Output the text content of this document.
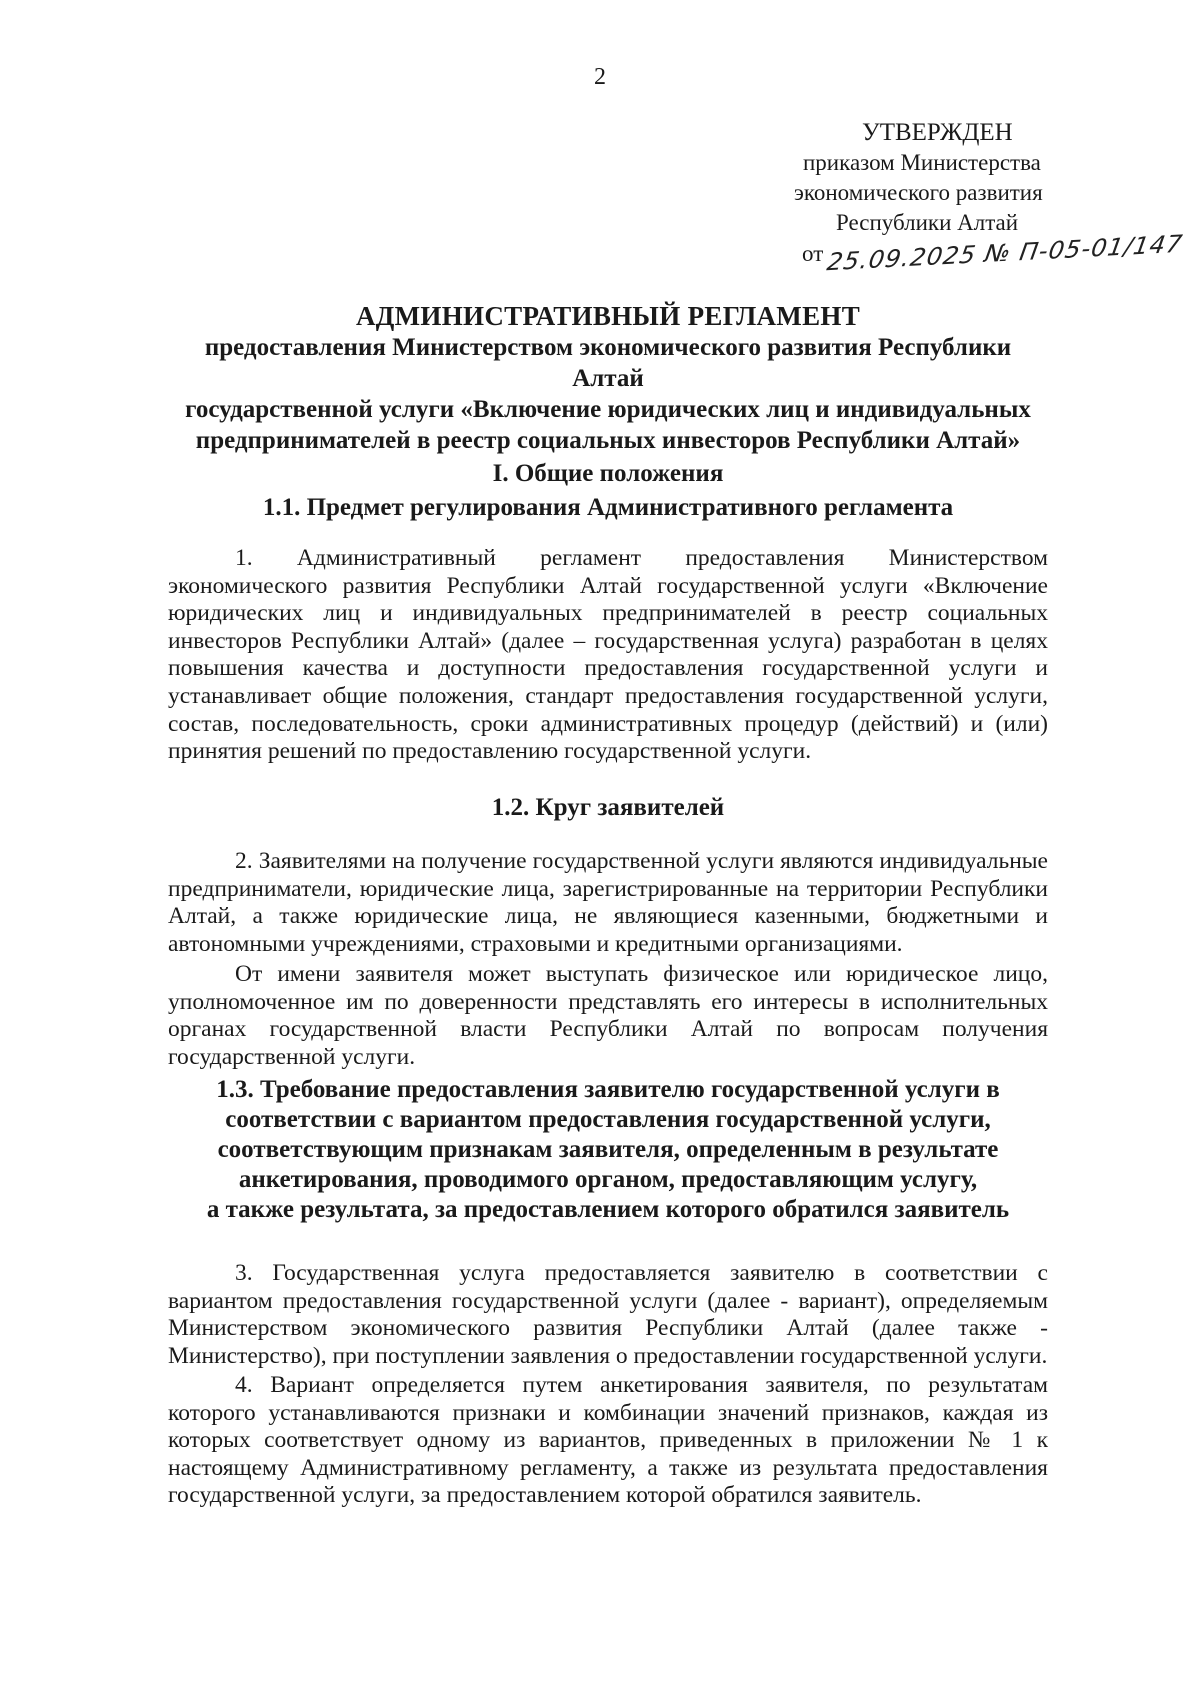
2
УТВЕРЖДЕН
приказом Министерства
экономического развития
Республики Алтай
от 25.09.2025 № П-05-01/147
АДМИНИСТРАТИВНЫЙ РЕГЛАМЕНТ
предоставления Министерством экономического развития Республики Алтай
государственной услуги «Включение юридических лиц и индивидуальных
предпринимателей в реестр социальных инвесторов Республики Алтай»
I. Общие положения
1.1. Предмет регулирования Административного регламента

1. Административный регламент предоставления Министерством экономического развития Республики Алтай государственной услуги «Включение юридических лиц и индивидуальных предпринимателей в реестр социальных инвесторов Республики Алтай» (далее – государственная услуга) разработан в целях повышения качества и доступности предоставления государственной услуги и устанавливает общие положения, стандарт предоставления государственной услуги, состав, последовательность, сроки административных процедур (действий) и (или) принятия решений по предоставлению государственной услуги.

1.2. Круг заявителей

2. Заявителями на получение государственной услуги являются индивидуальные предприниматели, юридические лица, зарегистрированные на территории Республики Алтай, а также юридические лица, не являющиеся казенными, бюджетными и автономными учреждениями, страховыми и кредитными организациями.

От имени заявителя может выступать физическое или юридическое лицо, уполномоченное им по доверенности представлять его интересы в исполнительных органах государственной власти Республики Алтай по вопросам получения государственной услуги.

1.3. Требование предоставления заявителю государственной услуги в
соответствии с вариантом предоставления государственной услуги,
соответствующим признакам заявителя, определенным в результате
анкетирования, проводимого органом, предоставляющим услугу,
а также результата, за предоставлением которого обратился заявитель

3. Государственная услуга предоставляется заявителю в соответствии с вариантом предоставления государственной услуги (далее - вариант), определяемым Министерством экономического развития Республики Алтай (далее также - Министерство), при поступлении заявления о предоставлении государственной услуги.

4. Вариант определяется путем анкетирования заявителя, по результатам которого устанавливаются признаки и комбинации значений признаков, каждая из которых соответствует одному из вариантов, приведенных в приложении № 1 к настоящему Административному регламенту, а также из результата предоставления государственной услуги, за предоставлением которой обратился заявитель.
